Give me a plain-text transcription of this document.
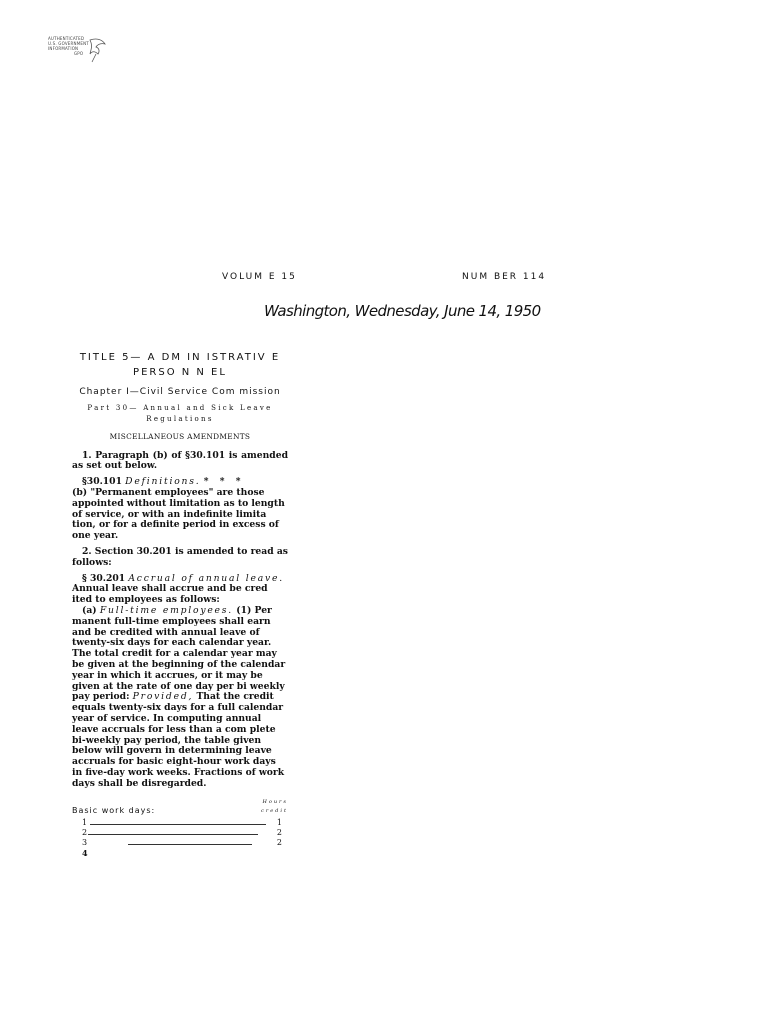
AUTHENTICATED
U.S. GOVERNMENT
INFORMATION
GPO
VOLUM E 15	NUM BER 114
Washington, Wednesday, June 14, 1950
TITLE 5— A DM IN ISTRATIV E
PERSO N N EL
Chapter I—Civil Service Com mission
Part 30— Annual and Sick Leave
Regulations
MISCELLANEOUS AMENDMENTS

1. Paragraph (b) of §30.101 is amended as set out below.

§30.101 Definitions. * * *
(b) "Permanent employees" are those appointed without limitation as to length of service, or with an indefinite limita tion, or for a definite period in excess of one year.

2. Section 30.201 is amended to read as follows:

§ 30.201 Accrual of annual leave. Annual leave shall accrue and be cred ited to employees as follows:
(a) Full-time employees. (1) Per manent full-time employees shall earn and be credited with annual leave of twenty-six days for each calendar year. The total credit for a calendar year may be given at the beginning of the calendar year in which it accrues, or it may be given at the rate of one day per bi weekly pay period: Provided, That the credit equals twenty-six days for a full calendar year of service. In computing annual leave accruals for less than a com plete bi-weekly pay period, the table given below will govern in determining leave accruals for basic eight-hour work days in five-day work weeks. Fractions of work days shall be disregarded.

Basic work days:
Hours
credit
1	1
2	2
3	2
4
